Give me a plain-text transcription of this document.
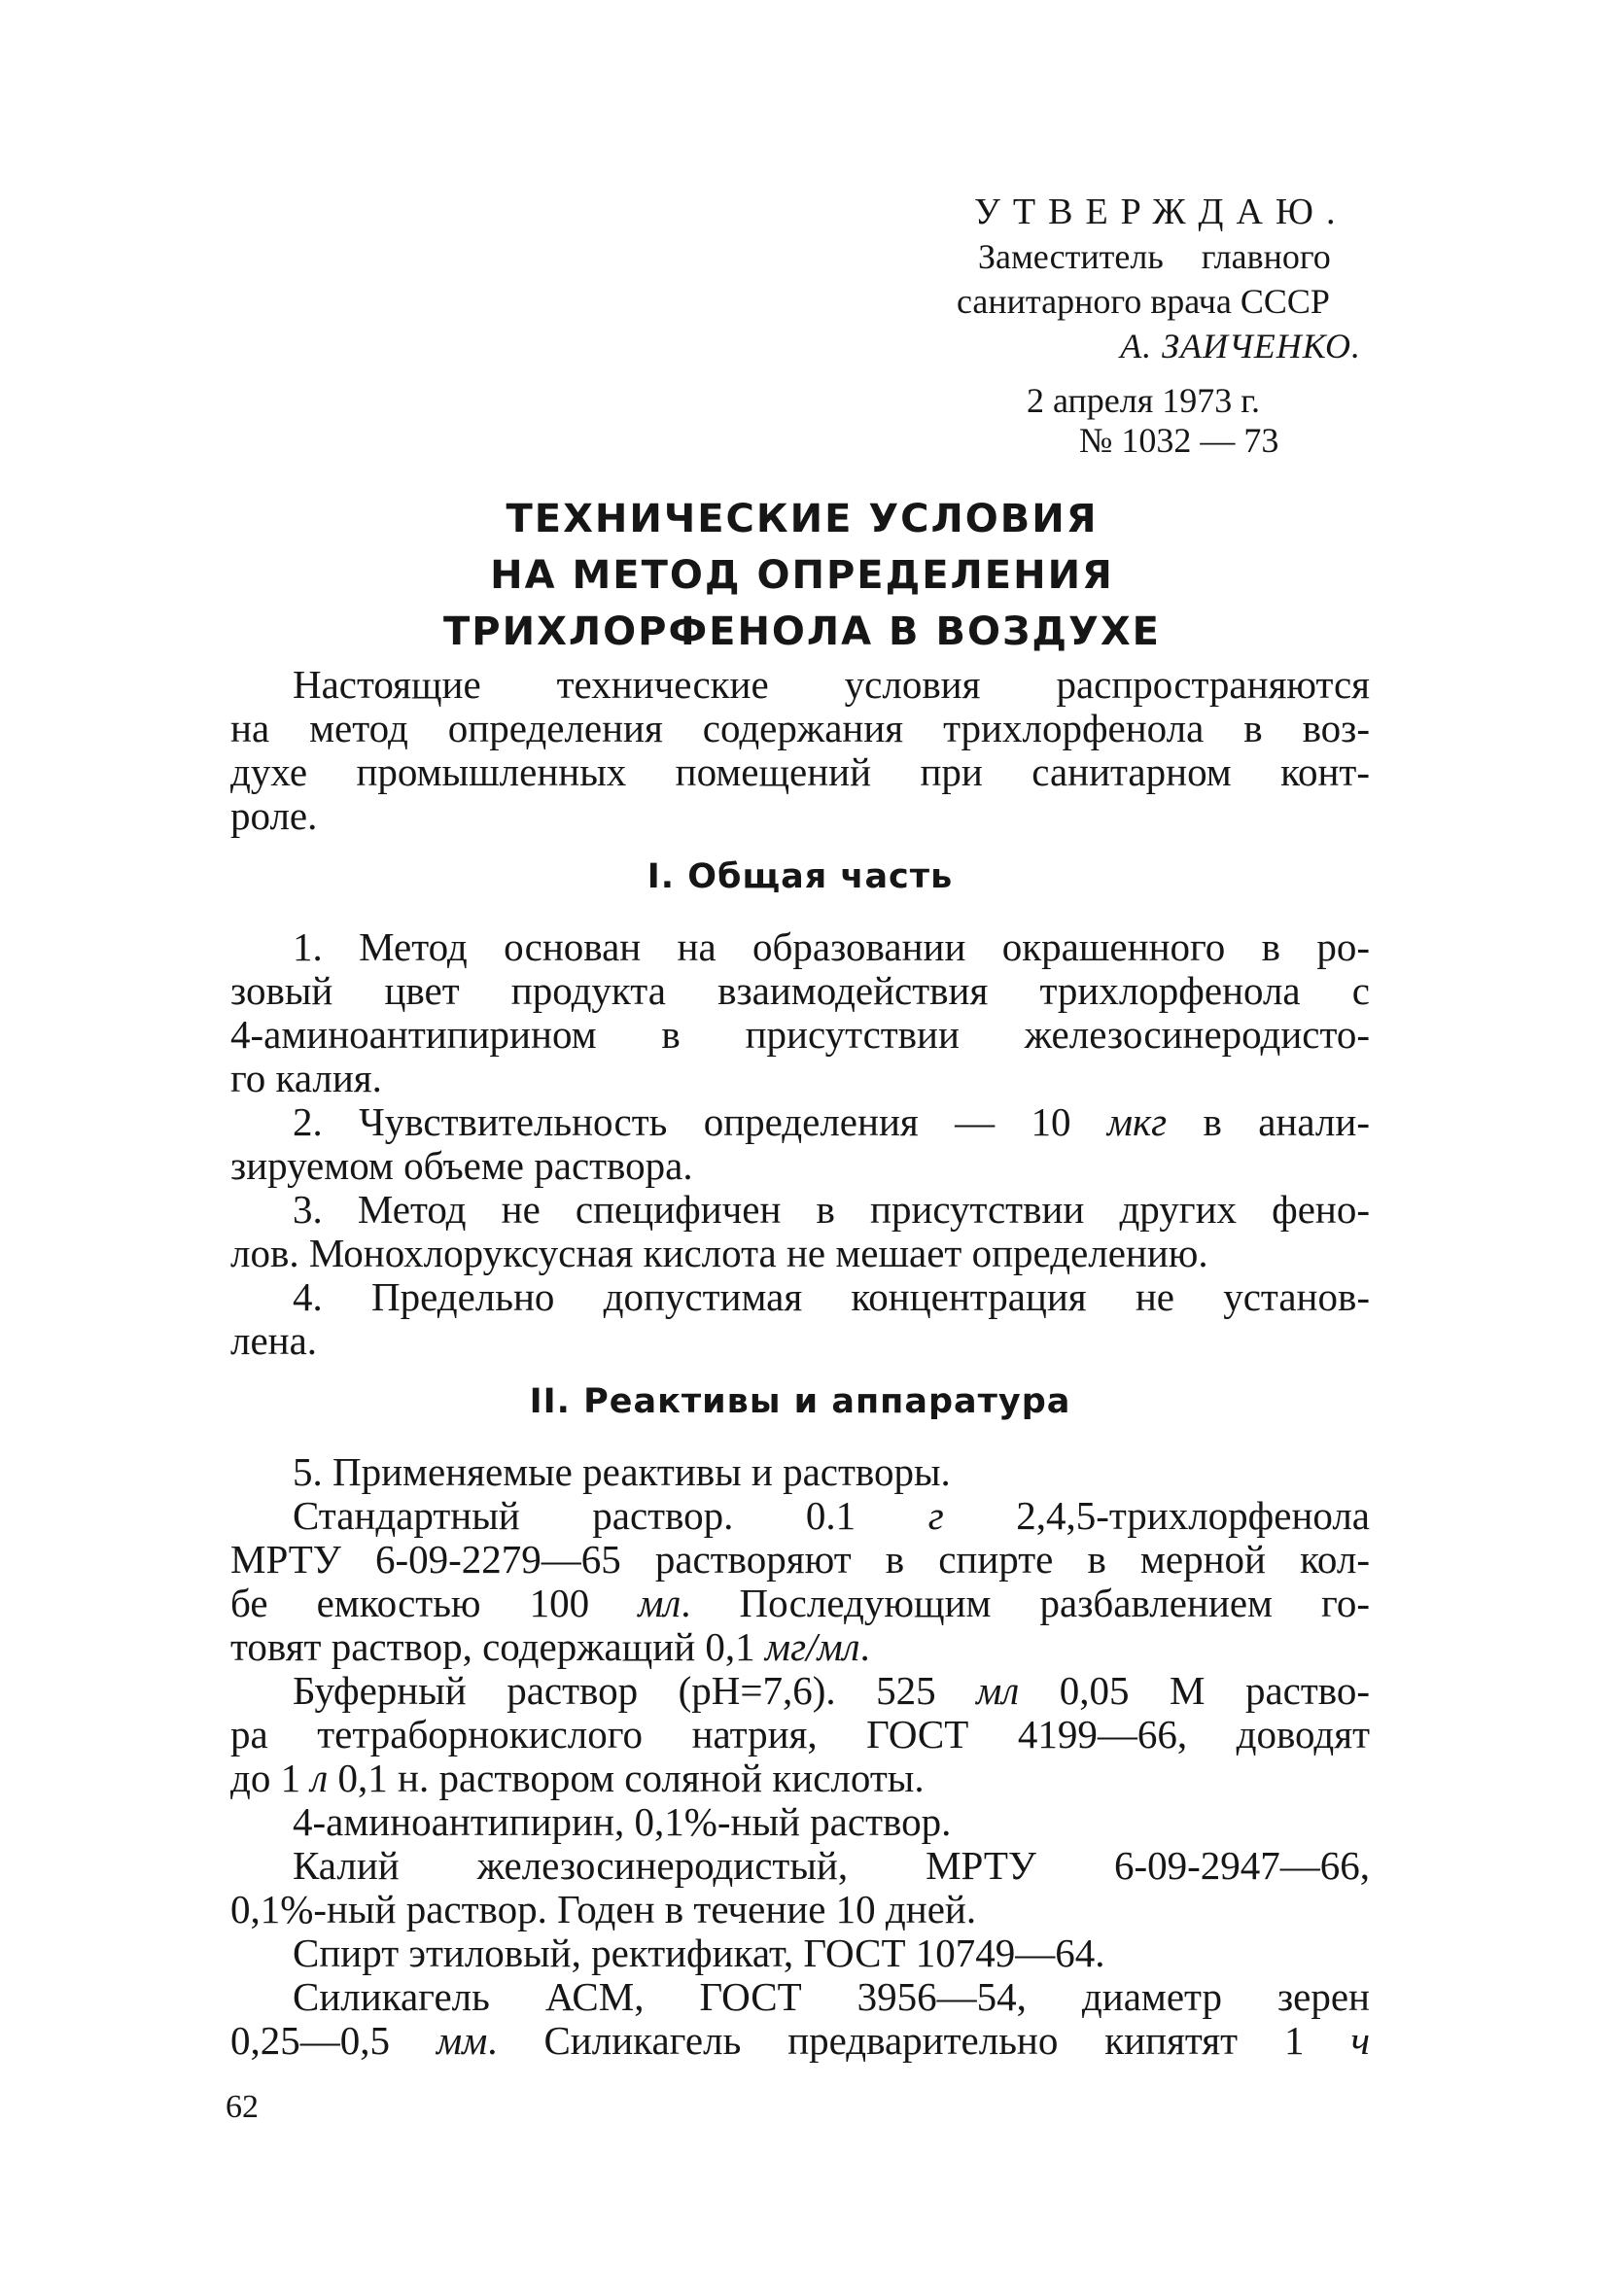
УТВЕРЖДАЮ.
Заместитель главного
санитарного врача СССР
А. ЗАИЧЕНКО.
2 апреля 1973 г.
№ 1032 — 73
ТЕХНИЧЕСКИЕ УСЛОВИЯ
НА МЕТОД ОПРЕДЕЛЕНИЯ
ТРИХЛОРФЕНОЛА В ВОЗДУХЕ
Настоящие технические условия распространяются
на метод определения содержания трихлорфенола в воз-
духе промышленных помещений при санитарном конт-
роле.
I. Общая часть
1. Метод основан на образовании окрашенного в ро-
зовый цвет продукта взаимодействия трихлорфенола с
4-аминоантипирином в присутствии железосинеродисто-
го калия.
2. Чувствительность определения — 10 мкг в анали-
зируемом объеме раствора.
3. Метод не специфичен в присутствии других фено-
лов. Монохлоруксусная кислота не мешает определению.
4. Предельно допустимая концентрация не установ-
лена.
II. Реактивы и аппаратура
5. Применяемые реактивы и растворы.
Стандартный раствор. 0.1 г 2,4,5-трихлорфенола
МРТУ 6-09-2279—65 растворяют в спирте в мерной кол-
бе емкостью 100 мл. Последующим разбавлением го-
товят раствор, содержащий 0,1 мг/мл.
Буферный раствор (рН=7,6). 525 мл 0,05 М раство-
ра тетраборнокислого натрия, ГОСТ 4199—66, доводят
до 1 л 0,1 н. раствором соляной кислоты.
4-аминоантипирин, 0,1%-ный раствор.
Калий железосинеродистый, МРТУ 6-09-2947—66,
0,1%-ный раствор. Годен в течение 10 дней.
Спирт этиловый, ректификат, ГОСТ 10749—64.
Силикагель АСМ, ГОСТ 3956—54, диаметр зерен
0,25—0,5 мм. Силикагель предварительно кипятят 1 ч
62
